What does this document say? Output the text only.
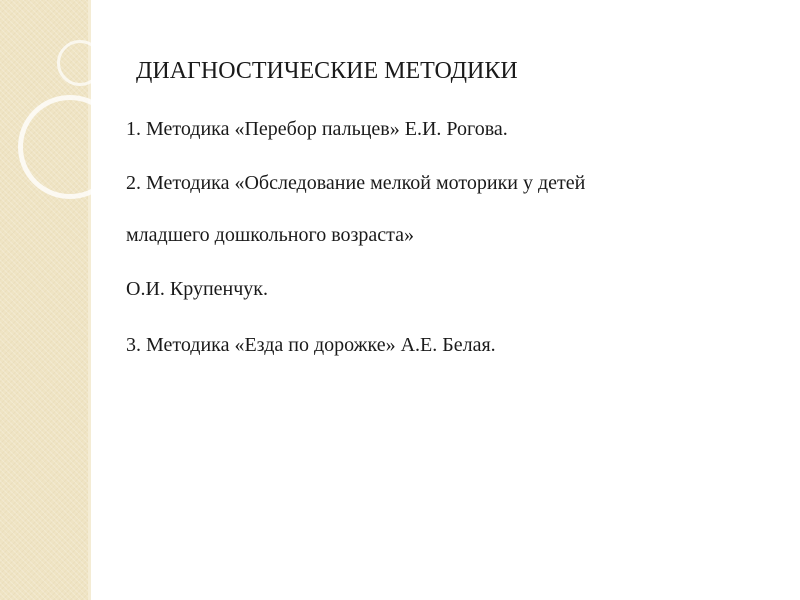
ДИАГНОСТИЧЕСКИЕ МЕТОДИКИ

1. Методика «Перебор пальцев» Е.И. Рогова.

2. Методика «Обследование мелкой моторики у детей

младшего дошкольного возраста»

О.И. Крупенчук.

3. Методика «Езда по дорожке» А.Е. Белая.
